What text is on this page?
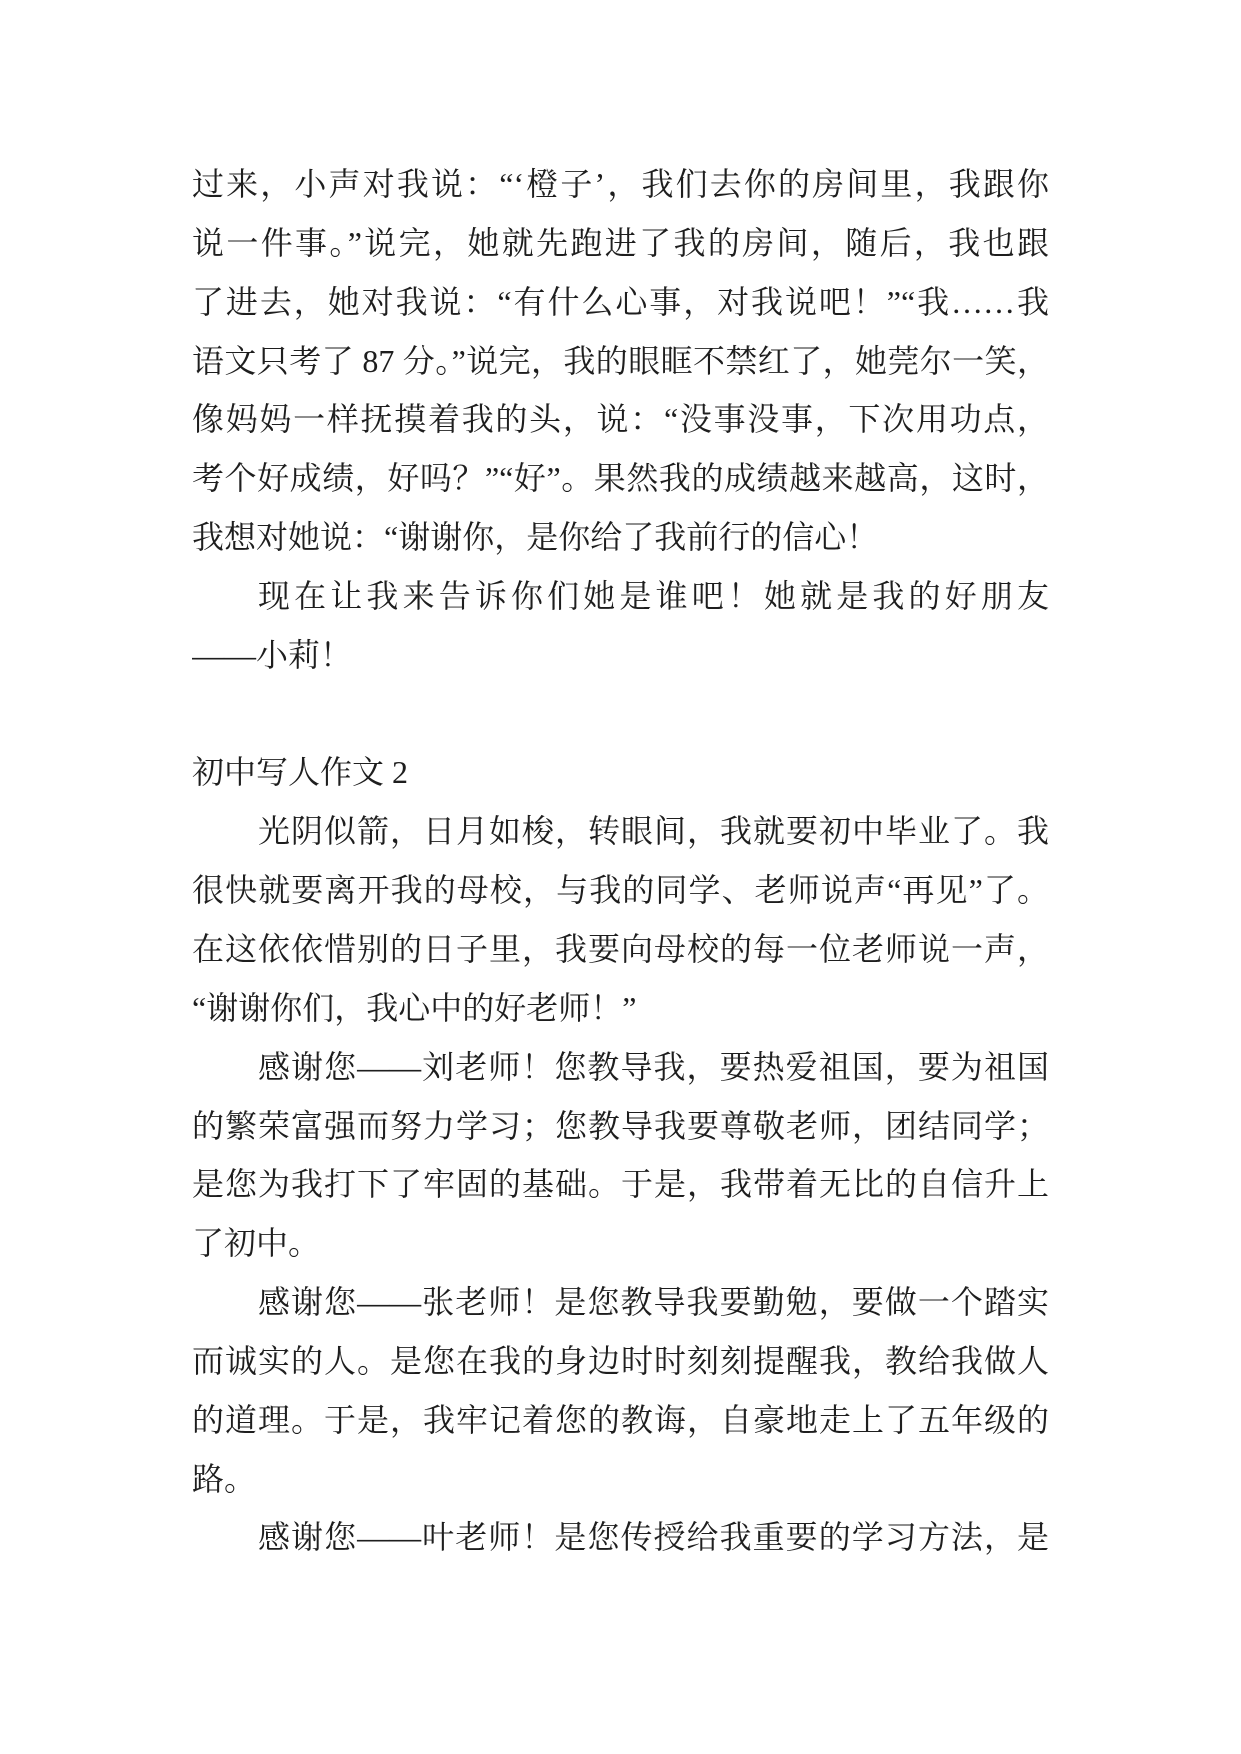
过来，小声对我说：“‘橙子’，我们去你的房间里，我跟你
说一件事。”说完，她就先跑进了我的房间，随后，我也跟
了进去，她对我说：“有什么心事，对我说吧！”“我……我
语文只考了 87 分。”说完，我的眼眶不禁红了，她莞尔一笑，
像妈妈一样抚摸着我的头，说：“没事没事，下次用功点，
考个好成绩，好吗？”“好”。果然我的成绩越来越高，这时，
我想对她说：“谢谢你，是你给了我前行的信心！
现在让我来告诉你们她是谁吧！她就是我的好朋友
——小莉！
初中写人作文 2
光阴似箭，日月如梭，转眼间，我就要初中毕业了。我
很快就要离开我的母校，与我的同学、老师说声“再见”了。
在这依依惜别的日子里，我要向母校的每一位老师说一声，
“谢谢你们，我心中的好老师！”
感谢您——刘老师！您教导我，要热爱祖国，要为祖国
的繁荣富强而努力学习；您教导我要尊敬老师，团结同学；
是您为我打下了牢固的基础。于是，我带着无比的自信升上
了初中。
感谢您——张老师！是您教导我要勤勉，要做一个踏实
而诚实的人。是您在我的身边时时刻刻提醒我，教给我做人
的道理。于是，我牢记着您的教诲，自豪地走上了五年级的
路。
感谢您——叶老师！是您传授给我重要的学习方法，是
